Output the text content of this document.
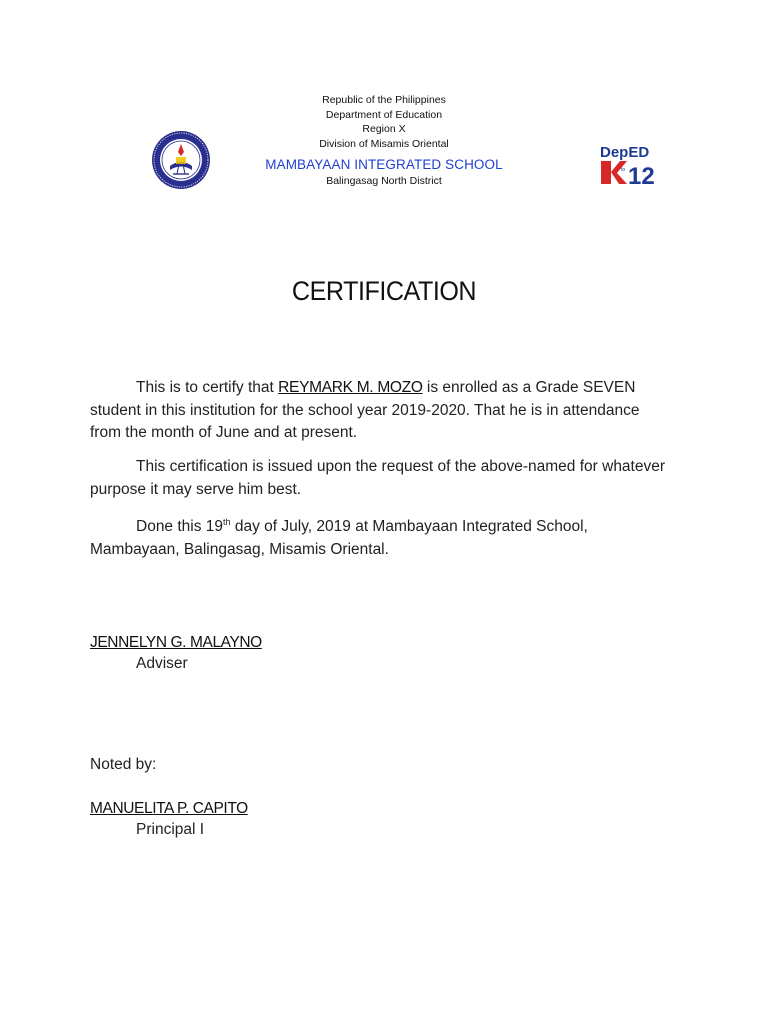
DepED
12
to
Republic of the Philippines
Department of Education
Region X
Division of Misamis Oriental
MAMBAYAAN INTEGRATED SCHOOL
Balingasag North District
CERTIFICATION
This is to certify that REYMARK M. MOZO is enrolled as a Grade SEVEN student in this institution for the school year 2019-2020. That he is in attendance from the month of June and at present.
This certification is issued upon the request of the above-named for whatever purpose it may serve him best.
Done this 19th day of July, 2019 at Mambayaan Integrated School, Mambayaan, Balingasag, Misamis Oriental.
JENNELYN G. MALAYNO
Adviser
Noted by:
MANUELITA P. CAPITO
Principal I
